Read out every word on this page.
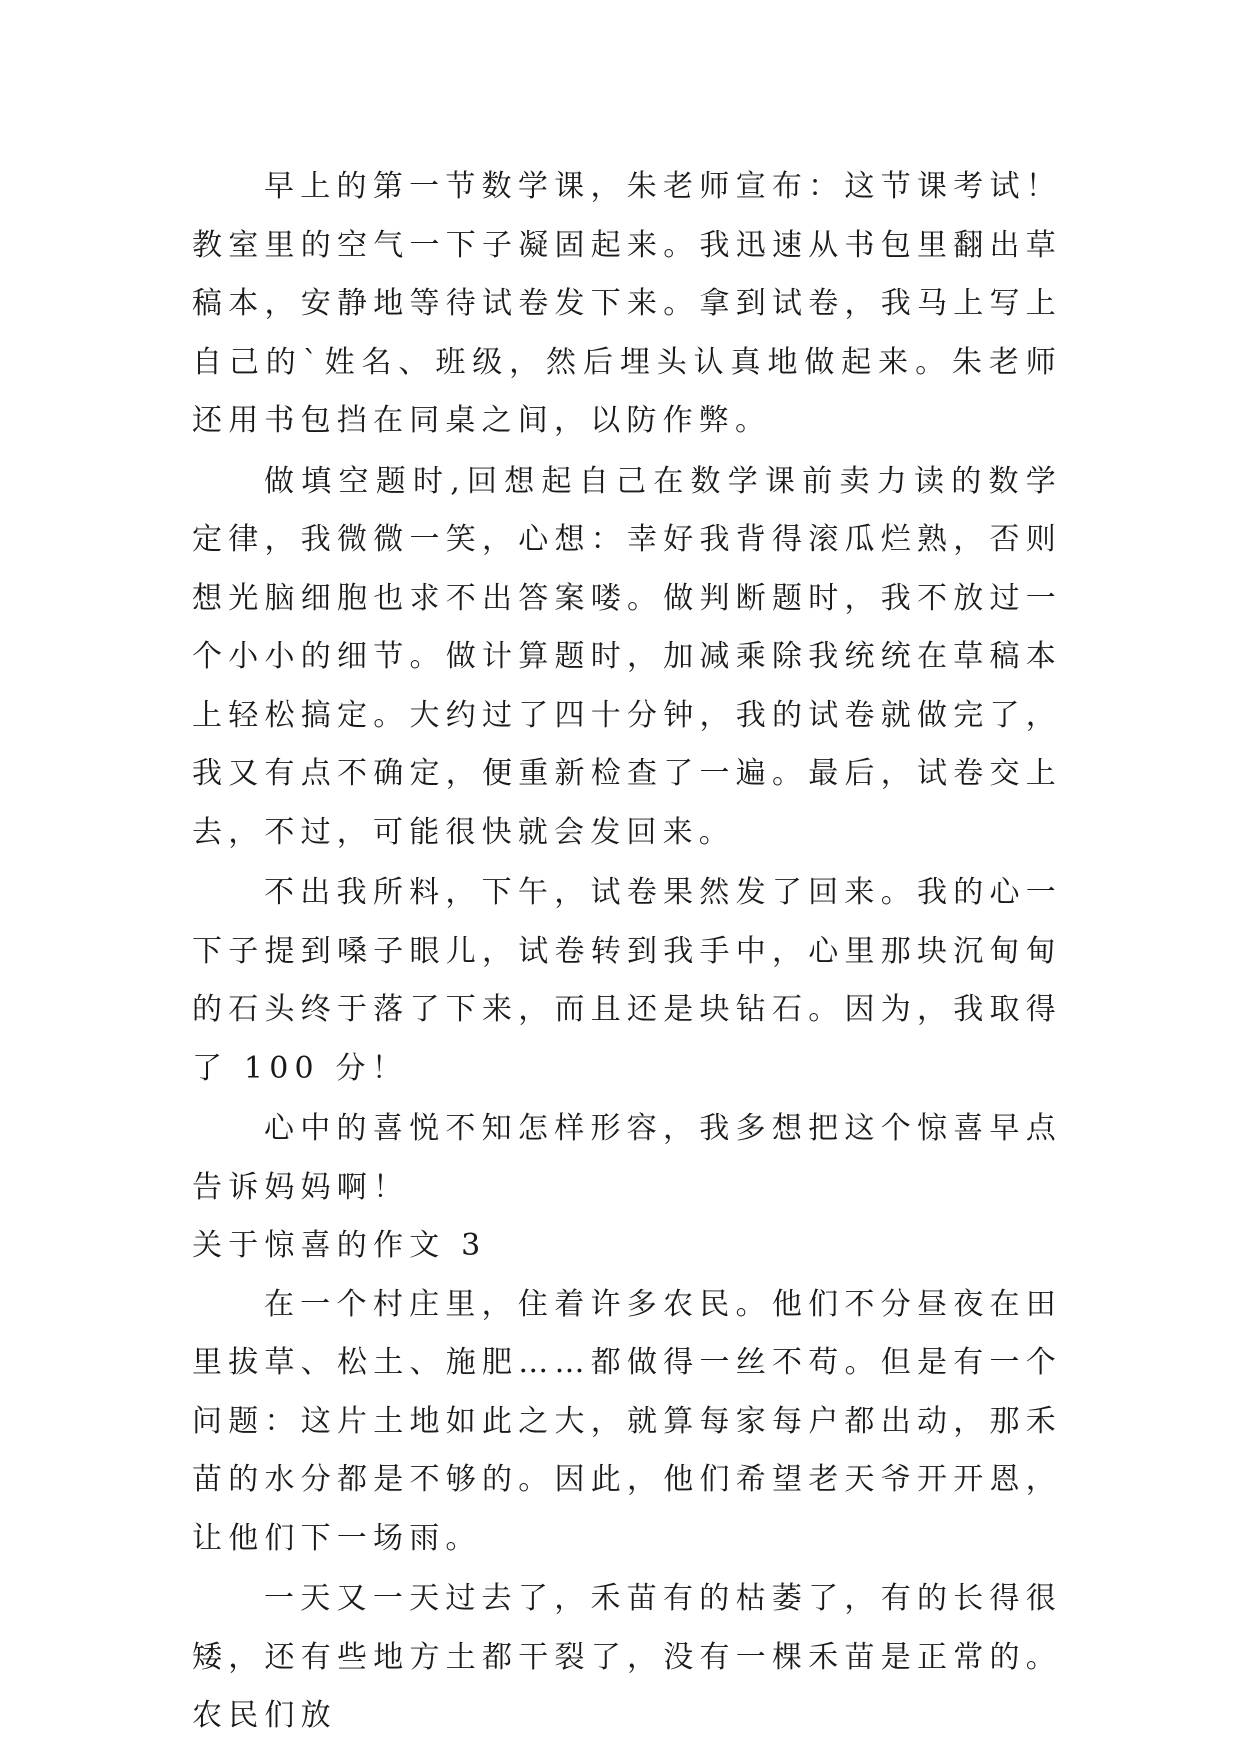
早上的第一节数学课，朱老师宣布：这节课考试！教室里的空气一下子凝固起来。我迅速从书包里翻出草稿本，安静地等待试卷发下来。拿到试卷，我马上写上自己的`姓名、班级，然后埋头认真地做起来。朱老师还用书包挡在同桌之间，以防作弊。

做填空题时,回想起自己在数学课前卖力读的数学定律，我微微一笑，心想：幸好我背得滚瓜烂熟，否则想光脑细胞也求不出答案喽。做判断题时，我不放过一个小小的细节。做计算题时，加减乘除我统统在草稿本上轻松搞定。大约过了四十分钟，我的试卷就做完了，我又有点不确定，便重新检查了一遍。最后，试卷交上去，不过，可能很快就会发回来。

不出我所料，下午，试卷果然发了回来。我的心一下子提到嗓子眼儿，试卷转到我手中，心里那块沉甸甸的石头终于落了下来，而且还是块钻石。因为，我取得了 100 分！

心中的喜悦不知怎样形容，我多想把这个惊喜早点告诉妈妈啊！

关于惊喜的作文 3

在一个村庄里，住着许多农民。他们不分昼夜在田里拔草、松土、施肥……都做得一丝不苟。但是有一个问题：这片土地如此之大，就算每家每户都出动，那禾苗的水分都是不够的。因此，他们希望老天爷开开恩，让他们下一场雨。

一天又一天过去了，禾苗有的枯萎了，有的长得很矮，还有些地方土都干裂了，没有一棵禾苗是正常的。农民们放
